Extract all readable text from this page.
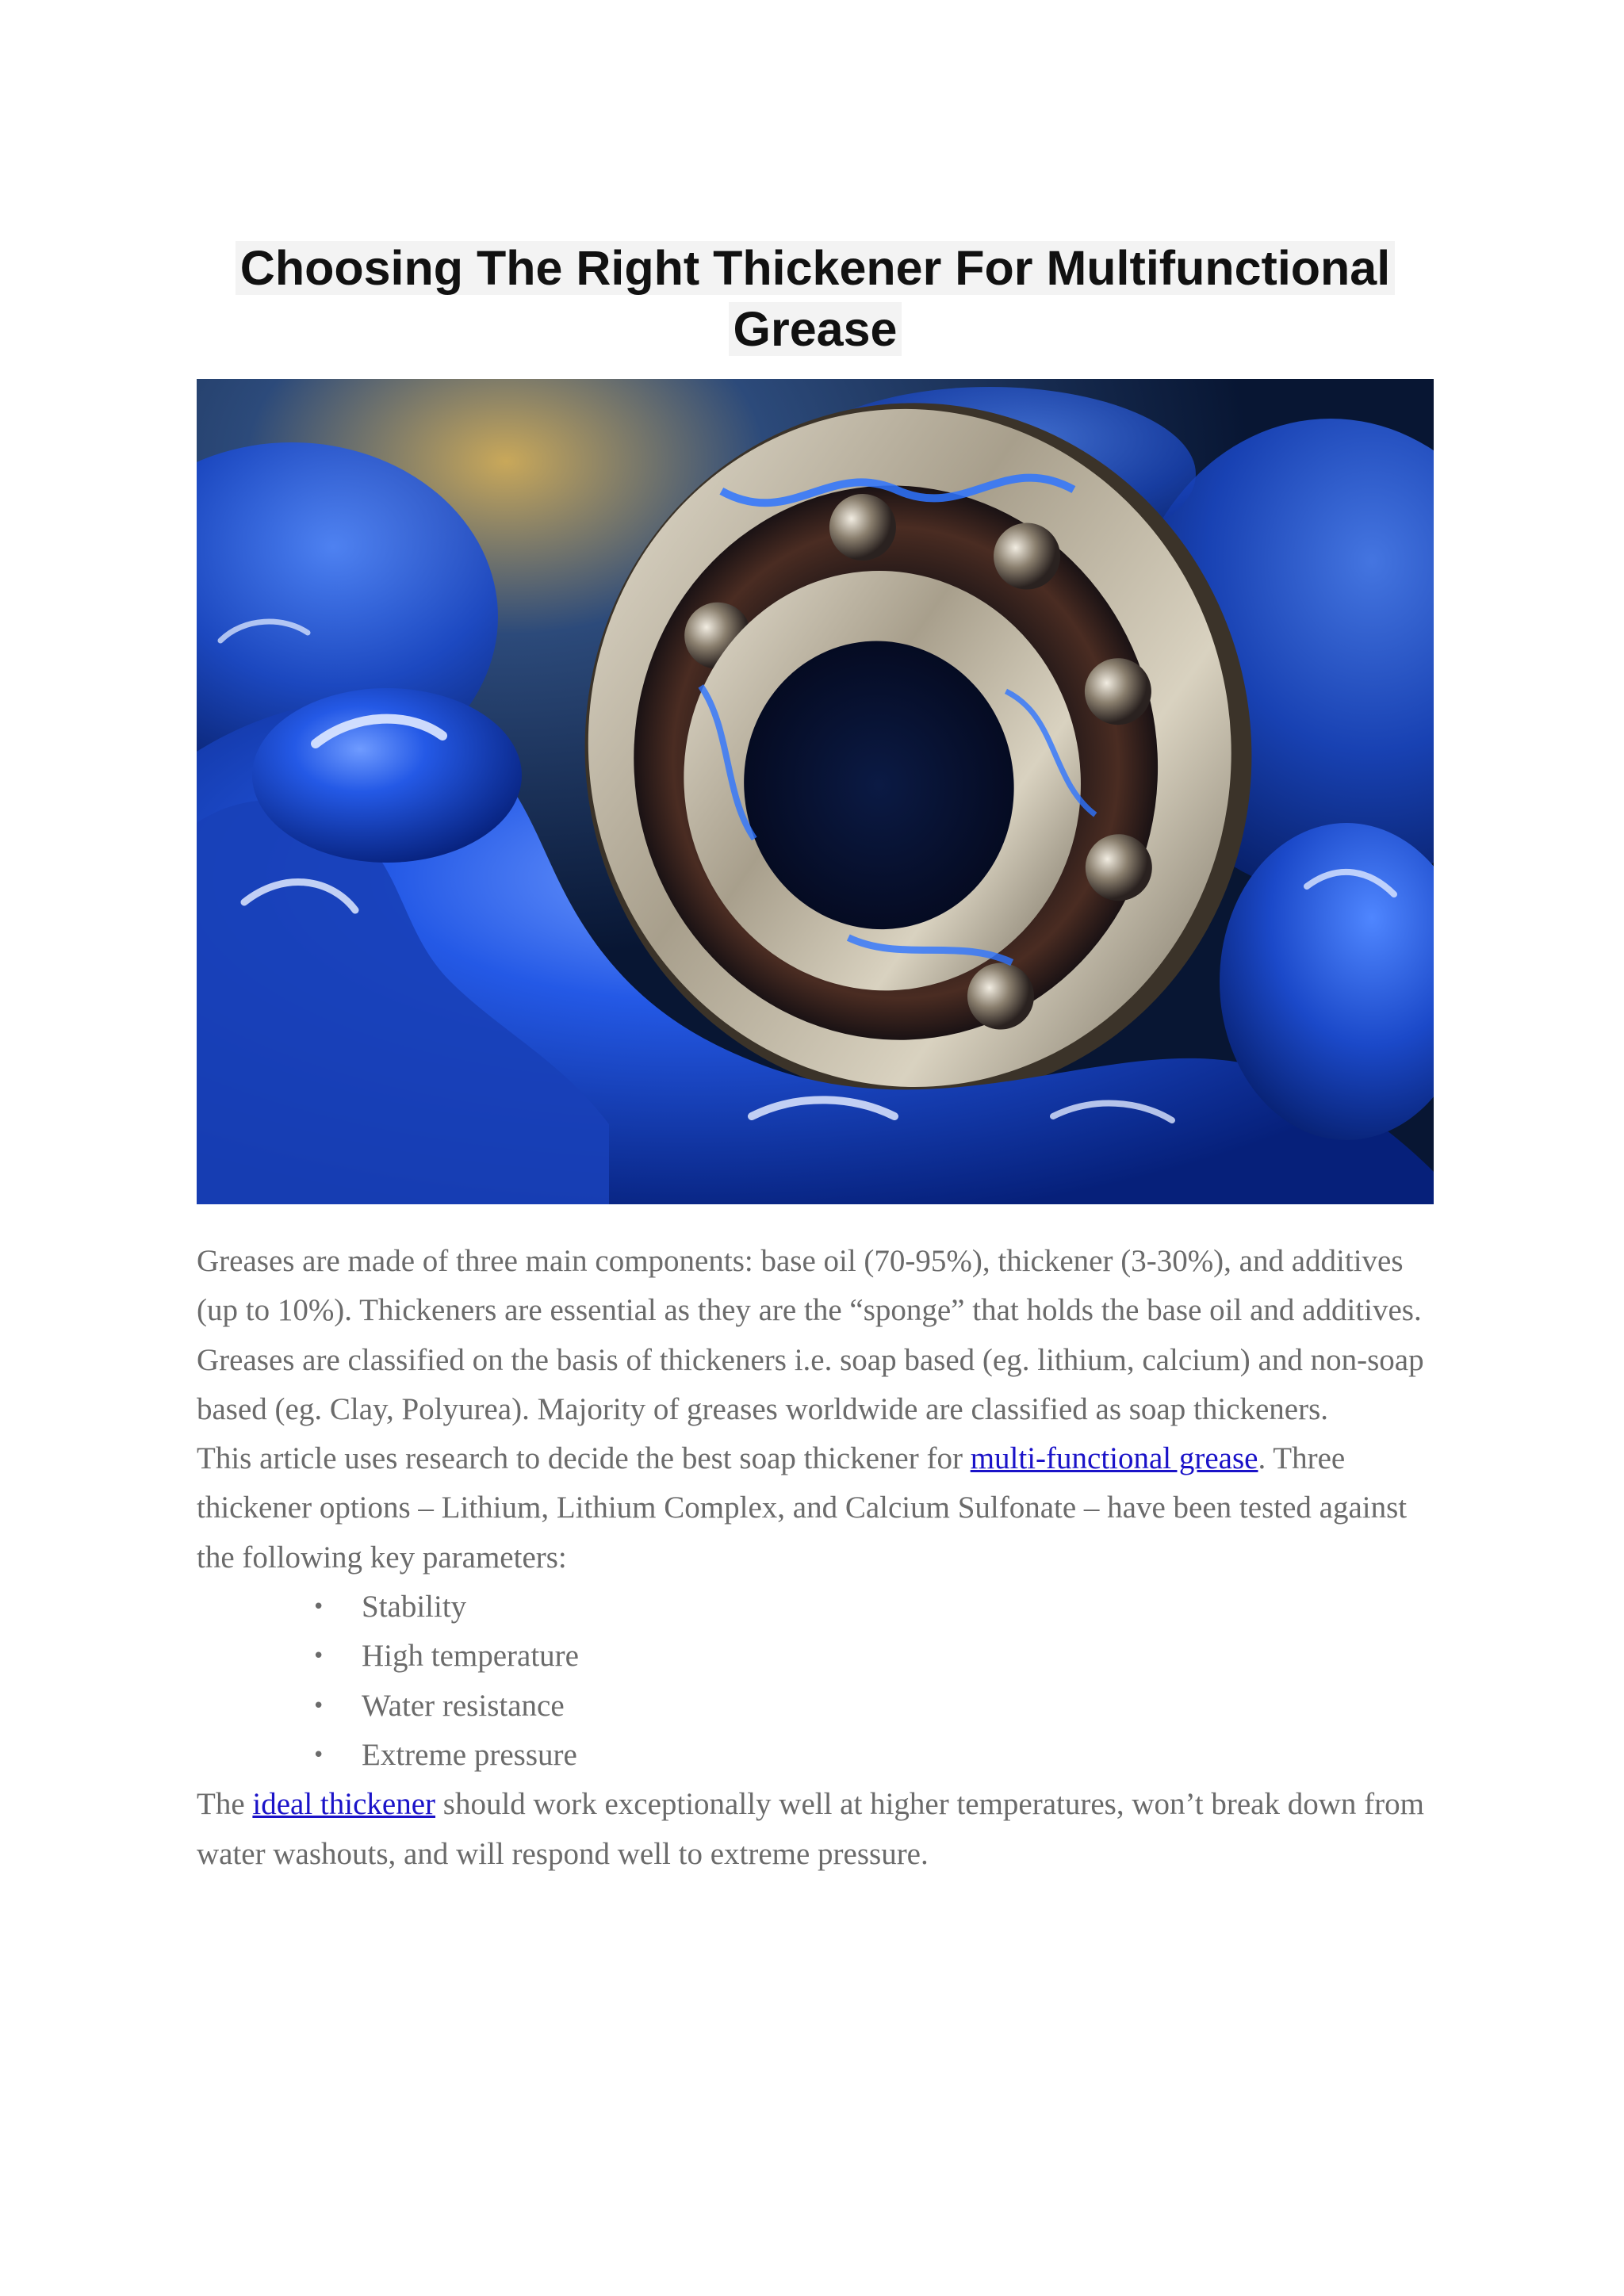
Choosing The Right Thickener For Multifunctional Grease

Greases are made of three main components: base oil (70-95%), thickener (3-30%), and additives (up to 10%). Thickeners are essential as they are the “sponge” that holds the base oil and additives. Greases are classified on the basis of thickeners i.e. soap based (eg. lithium, calcium) and non-soap based (eg. Clay, Polyurea). Majority of greases worldwide are classified as soap thickeners.

This article uses research to decide the best soap thickener for multi-functional grease. Three thickener options – Lithium, Lithium Complex, and Calcium Sulfonate – have been tested against the following key parameters:

• Stability
• High temperature
• Water resistance
• Extreme pressure

The ideal thickener should work exceptionally well at higher temperatures, won’t break down from water washouts, and will respond well to extreme pressure.
